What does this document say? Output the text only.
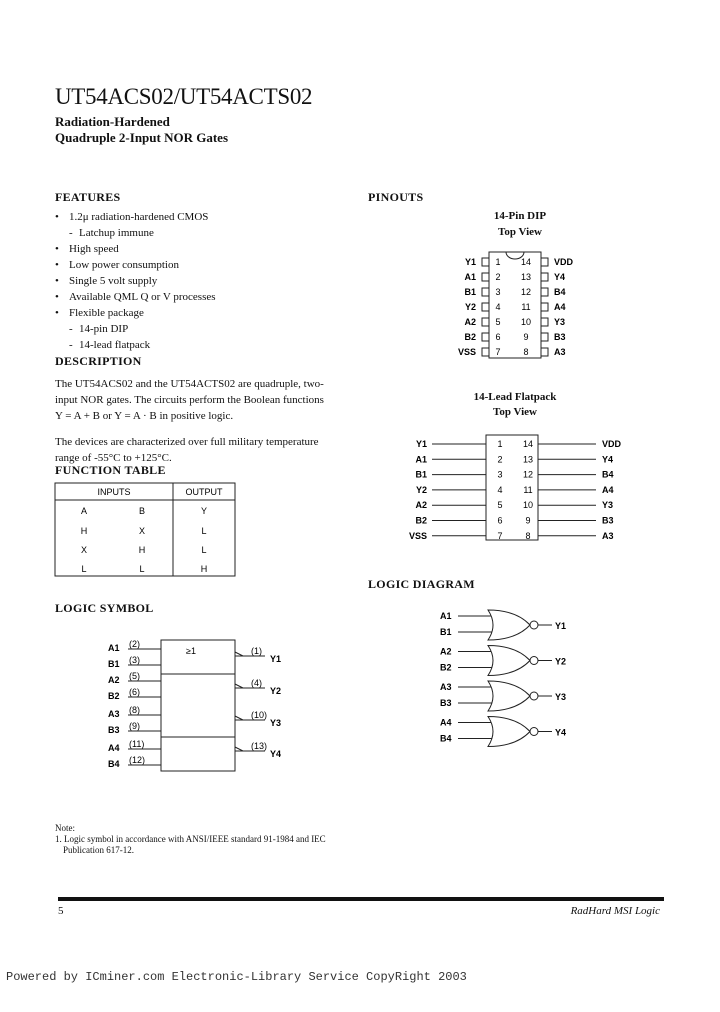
UT54ACS02/UT54ACTS02
Radiation-Hardened
Quadruple 2-Input NOR Gates
FEATURES
• 1.2μ radiation-hardened CMOS
- Latchup immune
• High speed
• Low power consumption
• Single 5 volt supply
• Available QML Q or V processes
• Flexible package
- 14-pin DIP
- 14-lead flatpack
DESCRIPTION
The UT54ACS02 and the UT54ACTS02 are quadruple, two-
input NOR gates. The circuits perform the Boolean functions
Y = A + B or Y = A · B in positive logic.
The devices are characterized over full military temperature
range of -55°C to +125°C.
FUNCTION TABLE
INPUTS	OUTPUT
A	B	Y
H	X	L
X	H	L
L	L	H
LOGIC SYMBOL
≥1
A1 (2)
B1 (3)
A2 (5)
B2 (6)
A3 (8)
B3 (9)
A4 (11)
B4 (12)
(1)
Y1
(4)
Y2
(10)
Y3
(13)
Y4
PINOUTS
14-Pin DIP
Top View
1 14
Y1	VDD
2 13
A1	Y4
3 12
B1	B4
4 11
Y2	A4
5 10
A2	Y3
6	9
B2	B3
7	8
VSS	A3
14-Lead Flatpack
Top View
1 14
Y1	VDD
2 13
A1	Y4
3 12
B1	B4
4 11
Y2	A4
5 10
A2	Y3
6	9
B2	B3
7	8
VSS	A3
LOGIC DIAGRAM
A1
B1
Y1
A2
B2
Y2
A3
B3
Y3
A4
B4
Y4
Note:
1. Logic symbol in accordance with ANSI/IEEE standard 91-1984 and IEC
Publication 617-12.
5	RadHard MSI Logic
Powered by ICminer.com Electronic-Library Service CopyRight 2003
